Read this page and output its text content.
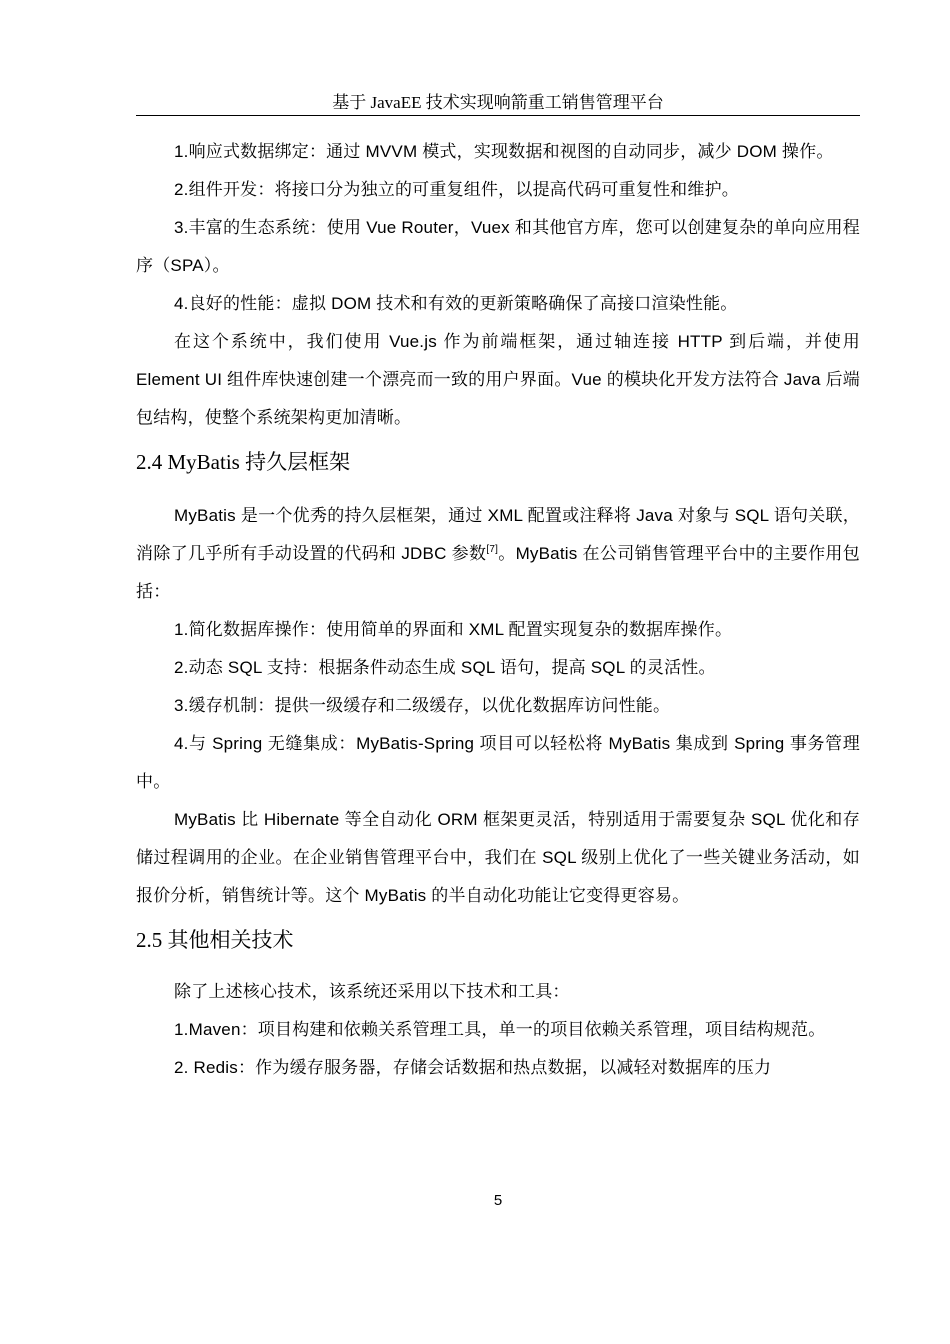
基于 JavaEE 技术实现响箭重工销售管理平台

1.响应式数据绑定：通过 MVVM 模式，实现数据和视图的自动同步，减少 DOM 操作。

2.组件开发：将接口分为独立的可重复组件，以提高代码可重复性和维护。

3.丰富的生态系统：使用 Vue Router，Vuex 和其他官方库，您可以创建复杂的单向应用程序（SPA）。

4.良好的性能：虚拟 DOM 技术和有效的更新策略确保了高接口渲染性能。

在这个系统中，我们使用 Vue.js 作为前端框架，通过轴连接 HTTP 到后端，并使用 Element UI 组件库快速创建一个漂亮而一致的用户界面。Vue 的模块化开发方法符合 Java 后端包结构，使整个系统架构更加清晰。

2.4 MyBatis 持久层框架

MyBatis 是一个优秀的持久层框架，通过 XML 配置或注释将 Java 对象与 SQL 语句关联，消除了几乎所有手动设置的代码和 JDBC 参数[7]。MyBatis 在公司销售管理平台中的主要作用包括：

1.简化数据库操作：使用简单的界面和 XML 配置实现复杂的数据库操作。

2.动态 SQL 支持：根据条件动态生成 SQL 语句，提高 SQL 的灵活性。

3.缓存机制：提供一级缓存和二级缓存，以优化数据库访问性能。

4.与 Spring 无缝集成：MyBatis-Spring 项目可以轻松将 MyBatis 集成到 Spring 事务管理中。

MyBatis 比 Hibernate 等全自动化 ORM 框架更灵活，特别适用于需要复杂 SQL 优化和存储过程调用的企业。在企业销售管理平台中，我们在 SQL 级别上优化了一些关键业务活动，如报价分析，销售统计等。这个 MyBatis 的半自动化功能让它变得更容易。

2.5 其他相关技术

除了上述核心技术，该系统还采用以下技术和工具：

1.Maven：项目构建和依赖关系管理工具，单一的项目依赖关系管理，项目结构规范。

2. Redis：作为缓存服务器，存储会话数据和热点数据，以减轻对数据库的压力

5
